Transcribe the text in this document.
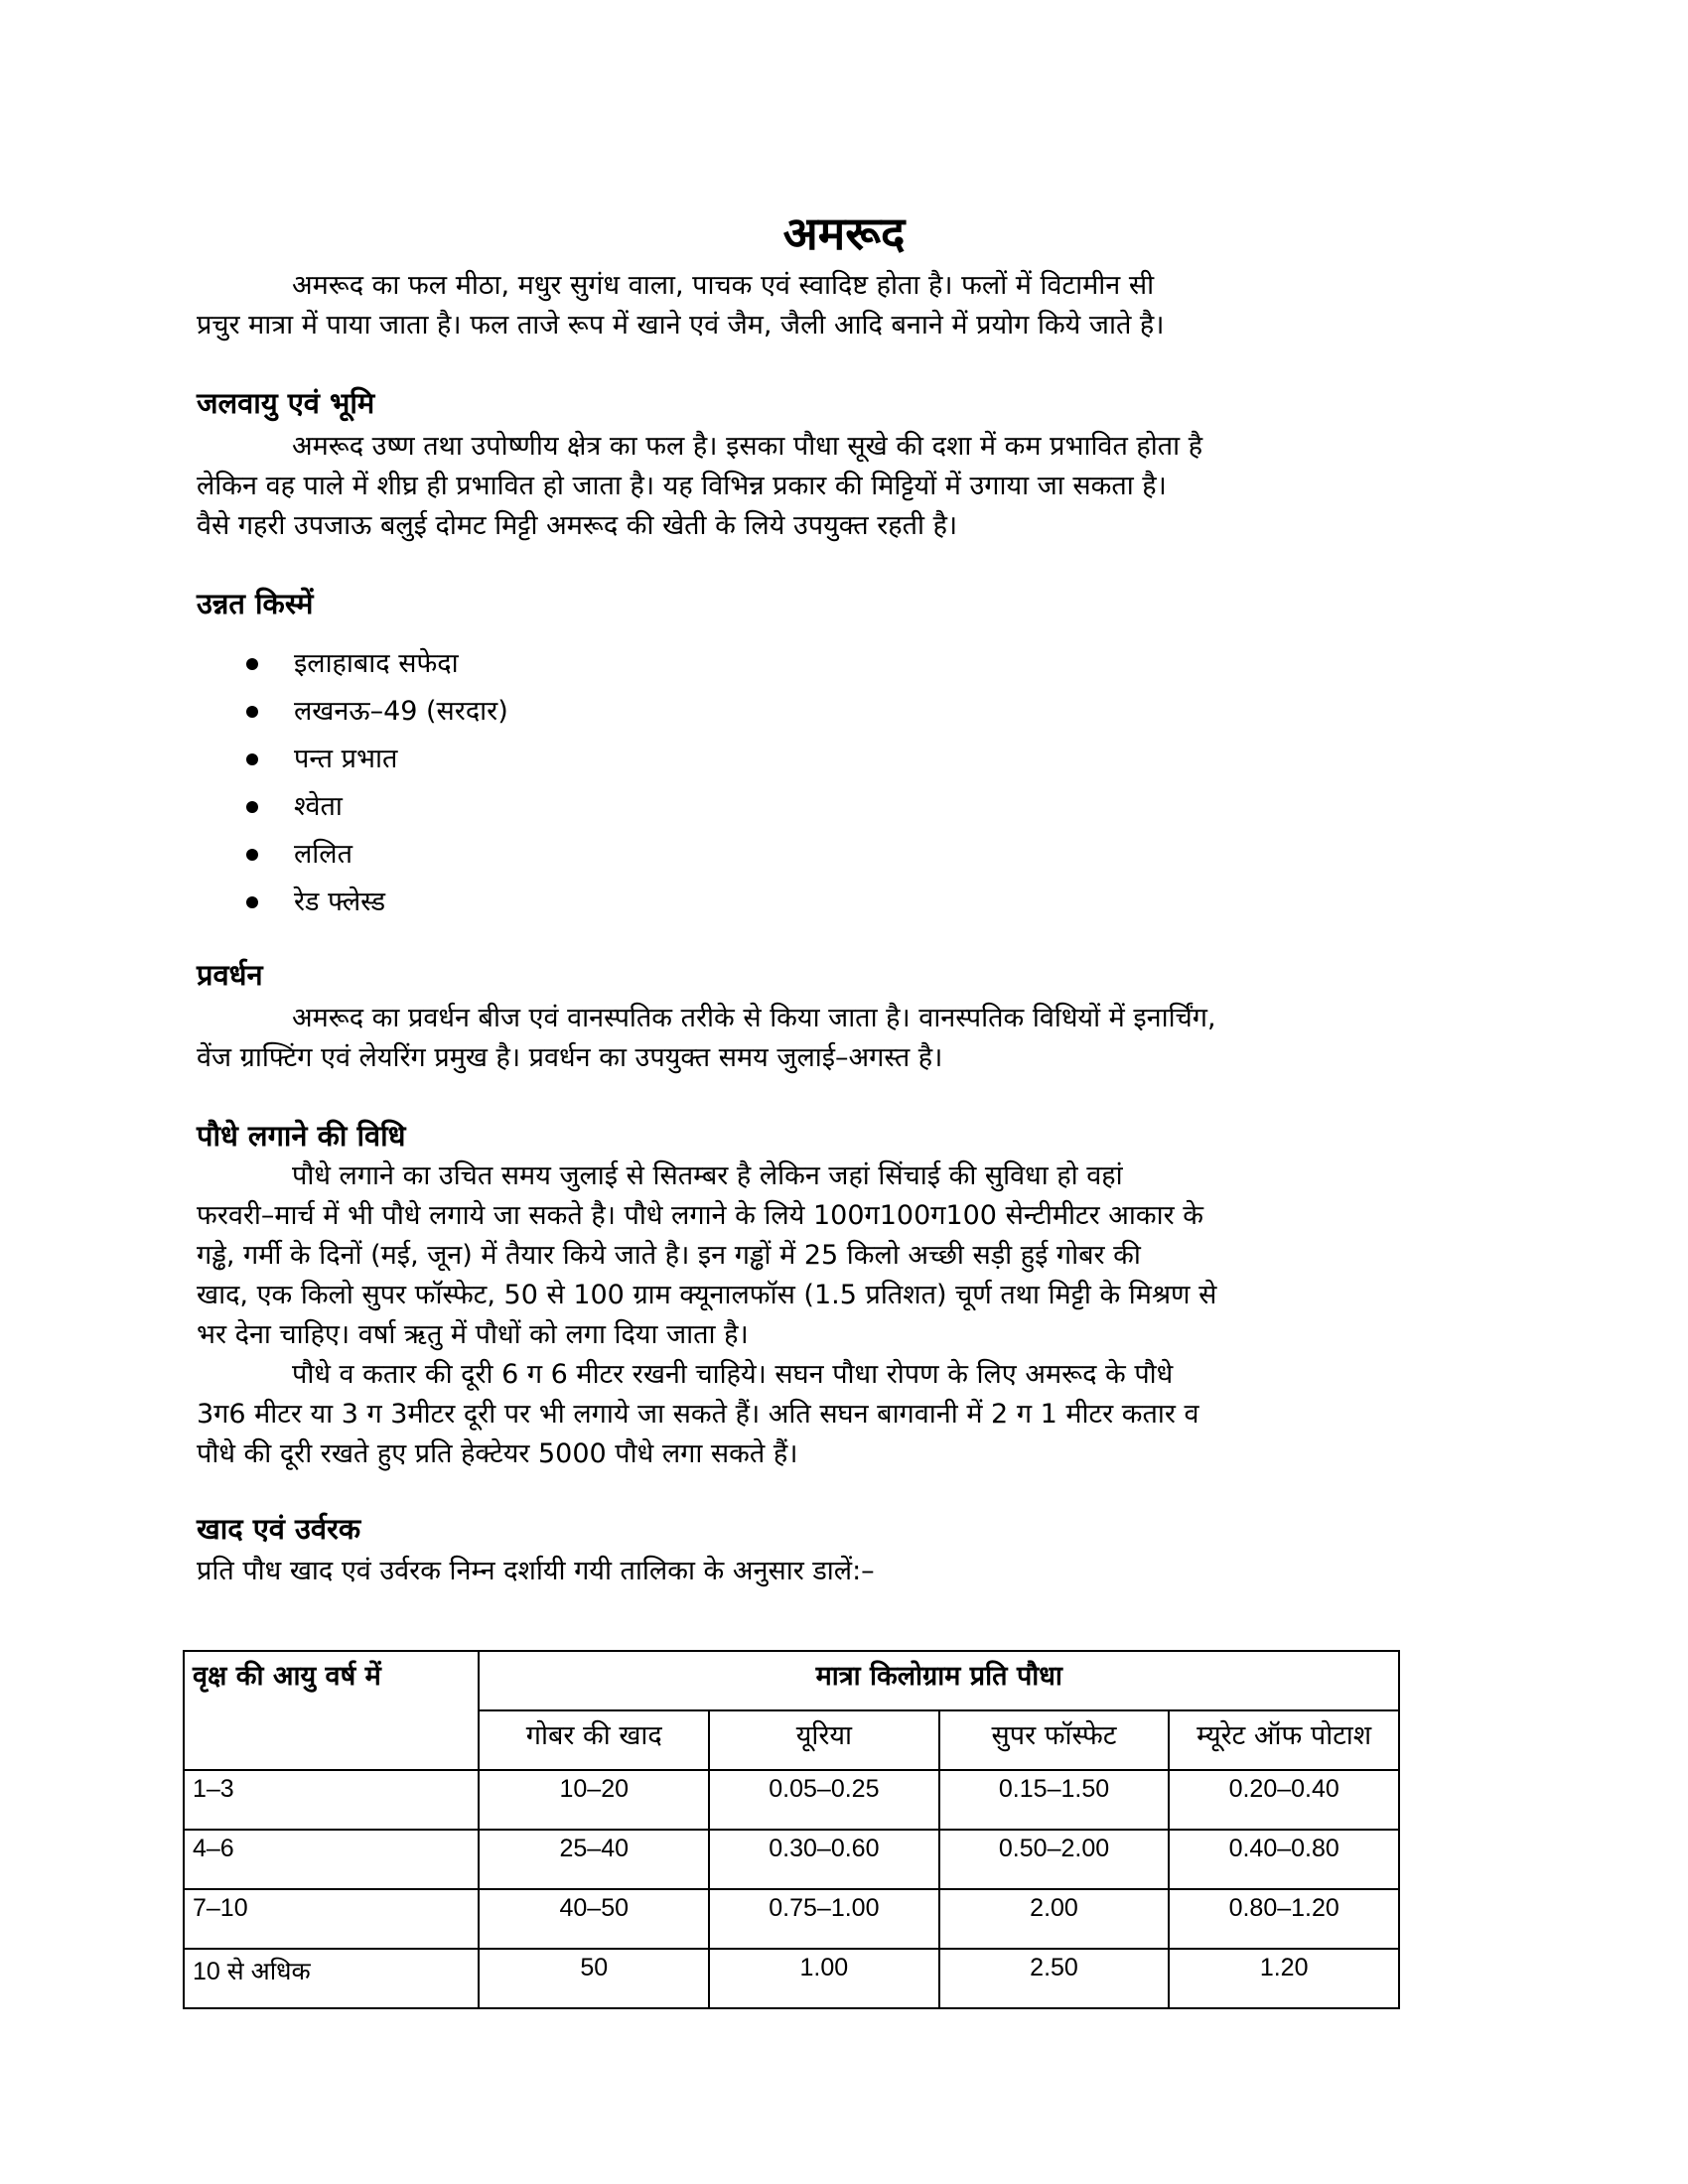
अमरूद
अमरूद का फल मीठा, मधुर सुगंध वाला, पाचक एवं स्वादिष्ट होता है। फलों में विटामीन सी
प्रचुर मात्रा में पाया जाता है। फल ताजे रूप में खाने एवं जैम, जैली आदि बनाने में प्रयोग किये जाते है।
जलवायु एवं भूमि
अमरूद उष्ण तथा उपोष्णीय क्षेत्र का फल है। इसका पौधा सूखे की दशा में कम प्रभावित होता है
लेकिन वह पाले में शीघ्र ही प्रभावित हो जाता है। यह विभिन्न प्रकार की मिट्टियों में उगाया जा सकता है।
वैसे गहरी उपजाऊ बलुई दोमट मिट्टी अमरूद की खेती के लिये उपयुक्त रहती है।
उन्नत किस्में
इलाहाबाद सफेदा
लखनऊ–49 (सरदार)
पन्त प्रभात
श्वेता
ललित
रेड फ्लेस्ड
प्रवर्धन
अमरूद का प्रवर्धन बीज एवं वानस्पतिक तरीके से किया जाता है। वानस्पतिक विधियों में इनार्चिंग,
वेंज ग्राफ्टिंग एवं लेयरिंग प्रमुख है। प्रवर्धन का उपयुक्त समय जुलाई–अगस्त है।
पौधे लगाने की विधि
पौधे लगाने का उचित समय जुलाई से सितम्बर है लेकिन जहां सिंचाई की सुविधा हो वहां
फरवरी–मार्च में भी पौधे लगाये जा सकते है। पौधे लगाने के लिये 100ग100ग100 सेन्टीमीटर आकार के
गड्ढे, गर्मी के दिनों (मई, जून) में तैयार किये जाते है। इन गड्ढों में 25 किलो अच्छी सड़ी हुई गोबर की
खाद, एक किलो सुपर फॉस्फेट, 50 से 100 ग्राम क्यूनालफॉस (1.5 प्रतिशत) चूर्ण तथा मिट्टी के मिश्रण से
भर देना चाहिए। वर्षा ऋतु में पौधों को लगा दिया जाता है।
पौधे व कतार की दूरी 6 ग 6 मीटर रखनी चाहिये। सघन पौधा रोपण के लिए अमरूद के पौधे
3ग6 मीटर या 3 ग 3मीटर दूरी पर भी लगाये जा सकते हैं। अति सघन बागवानी में 2 ग 1 मीटर कतार व
पौधे की दूरी रखते हुए प्रति हेक्टेयर 5000 पौधे लगा सकते हैं।
खाद एवं उर्वरक
प्रति पौध खाद एवं उर्वरक निम्न दर्शायी गयी तालिका के अनुसार डालें:–
वृक्ष की आयु वर्ष में	मात्रा किलोग्राम प्रति पौधा			
	गोबर की खाद	यूरिया	सुपर फॉस्फेट	म्यूरेट ऑफ पोटाश
1–3	10–20	0.05–0.25	0.15–1.50	0.20–0.40
4–6	25–40	0.30–0.60	0.50–2.00	0.40–0.80
7–10	40–50	0.75–1.00	2.00	0.80–1.20
10 से अधिक	50	1.00	2.50	1.20
